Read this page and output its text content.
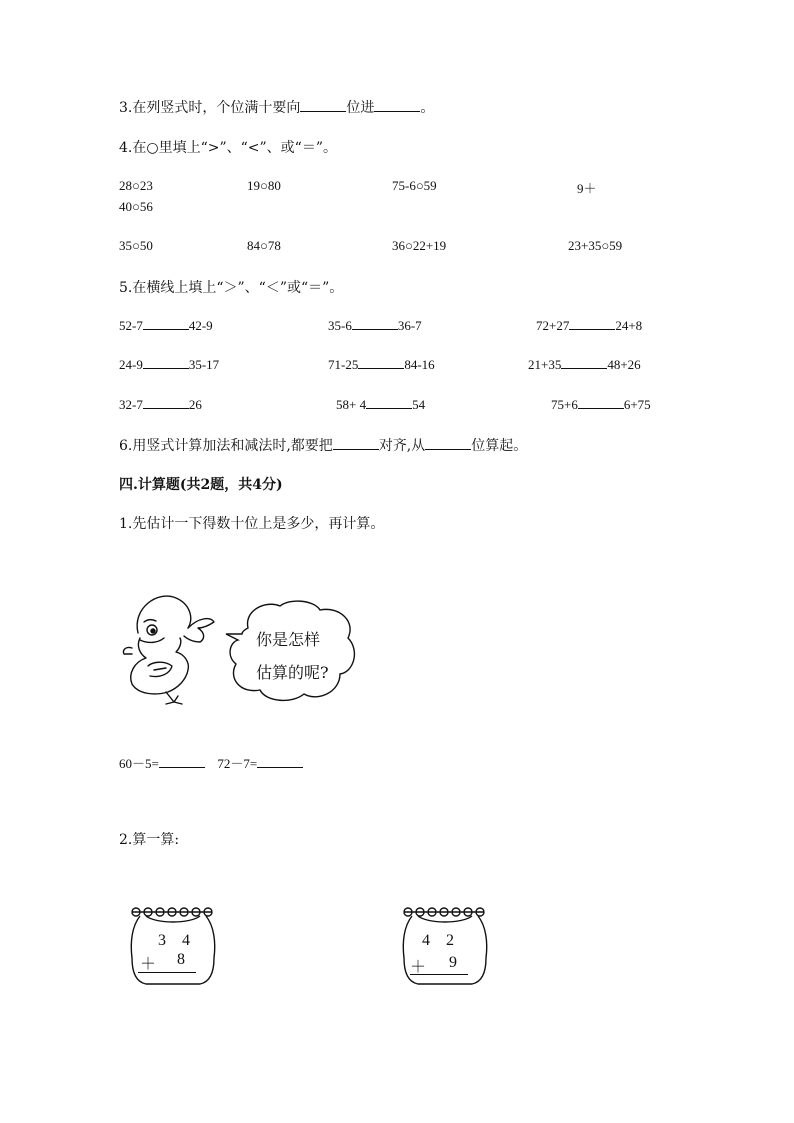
3.在列竖式时，个位满十要向	位进	。
4.在○里填上“>”、“<”、或“＝”。
28○23	19○80	75-6○59	9＋
40○56
35○50	84○78	36○22+19	23+35○59
5.在横线上填上“＞”、“＜”或“＝”。
52-7	42-9	35-6	36-7	72+27	24+8
24-9	35-17	71-25	84-16	21+35	48+26
32-7	26	58+ 4	54	75+6	6+75
6.用竖式计算加法和减法时,都要把	对齐,从	位算起。
四.计算题(共2题，共4分)
1.先估计一下得数十位上是多少，再计算。
你是怎样
估算的呢?
60－5=	72－7=
2.算一算:
3 4
＋ 8
4 2
＋ 9
